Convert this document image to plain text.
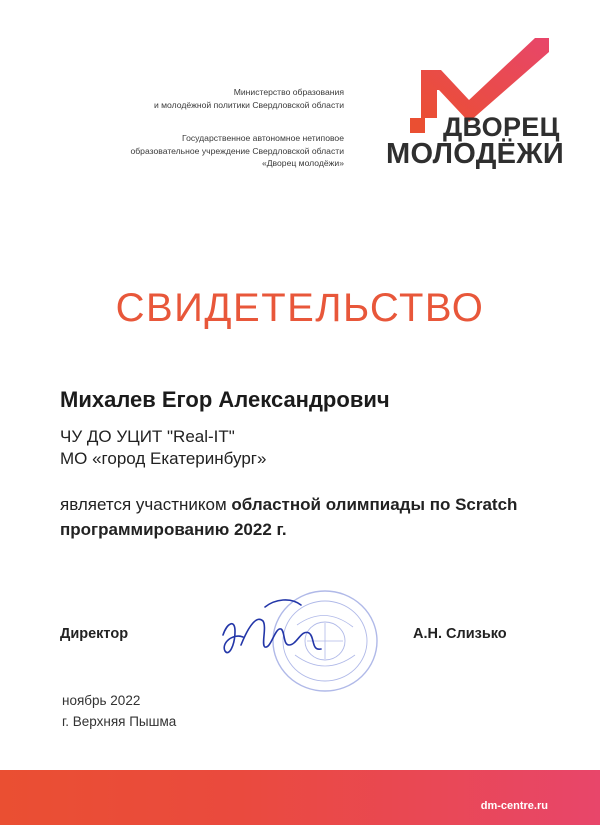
Министерство образования
и молодёжной политики Свердловской области
Государственное автономное нетиповое
образовательное учреждение Свердловской области
«Дворец молодёжи»
ДВОРЕЦ
МОЛОДЁЖИ
СВИДЕТЕЛЬСТВО
Михалев Егор Александрович
ЧУ ДО УЦИТ "Real-IT"
МО «город Екатеринбург»
является участником областной олимпиады по Scratch программированию 2022 г.
Директор	А.Н. Слизько
ноябрь 2022
г. Верхняя Пышма
dm-centre.ru
